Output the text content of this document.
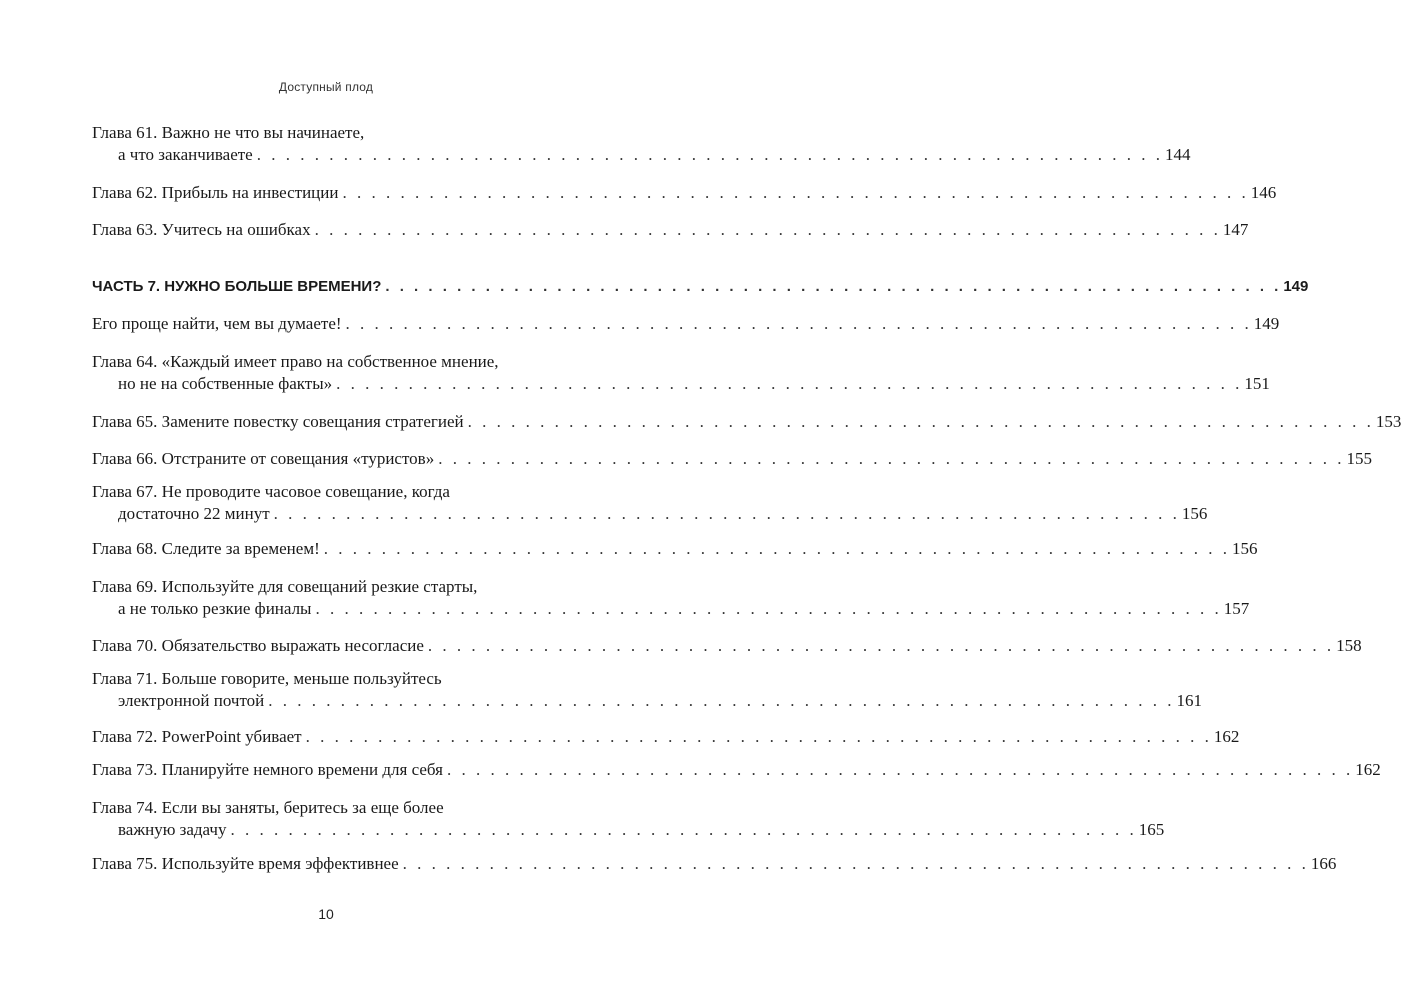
Доступный плод
Глава 61. Важно не что вы начинаете,
а что заканчиваете . . . . . . . . . . . . . . . . . . . . . . . . . . . . . . . . . . . . . . . . . . . . . . . . . . . . . . . . . . . . . . . 144
Глава 62. Прибыль на инвестиции . . . . . . . . . . . . . . . . . . . . . . . . . . . . . . . . . . . . . . . . . . . . . . . . . . . . . . . . . . . . . . . 146
Глава 63. Учитесь на ошибках . . . . . . . . . . . . . . . . . . . . . . . . . . . . . . . . . . . . . . . . . . . . . . . . . . . . . . . . . . . . . . . 147
ЧАСТЬ 7. НУЖНО БОЛЬШЕ ВРЕМЕНИ? . . . . . . . . . . . . . . . . . . . . . . . . . . . . . . . . . . . . . . . . . . . . . . . . . . . . . . . . . . . . . . . 149
Его проще найти, чем вы думаете! . . . . . . . . . . . . . . . . . . . . . . . . . . . . . . . . . . . . . . . . . . . . . . . . . . . . . . . . . . . . . . . 149
Глава 64. «Каждый имеет право на собственное мнение,
но не на собственные факты» . . . . . . . . . . . . . . . . . . . . . . . . . . . . . . . . . . . . . . . . . . . . . . . . . . . . . . . . . . . . . . . 151
Глава 65. Замените повестку совещания стратегией . . . . . . . . . . . . . . . . . . . . . . . . . . . . . . . . . . . . . . . . . . . . . . . . . . . . . . . . . . . . . . . 153
Глава 66. Отстраните от совещания «туристов» . . . . . . . . . . . . . . . . . . . . . . . . . . . . . . . . . . . . . . . . . . . . . . . . . . . . . . . . . . . . . . . 155
Глава 67. Не проводите часовое совещание, когда
достаточно 22 минут . . . . . . . . . . . . . . . . . . . . . . . . . . . . . . . . . . . . . . . . . . . . . . . . . . . . . . . . . . . . . . . 156
Глава 68. Следите за временем! . . . . . . . . . . . . . . . . . . . . . . . . . . . . . . . . . . . . . . . . . . . . . . . . . . . . . . . . . . . . . . . 156
Глава 69. Используйте для совещаний резкие старты,
а не только резкие финалы . . . . . . . . . . . . . . . . . . . . . . . . . . . . . . . . . . . . . . . . . . . . . . . . . . . . . . . . . . . . . . . 157
Глава 70. Обязательство выражать несогласие . . . . . . . . . . . . . . . . . . . . . . . . . . . . . . . . . . . . . . . . . . . . . . . . . . . . . . . . . . . . . . . 158
Глава 71. Больше говорите, меньше пользуйтесь
электронной почтой . . . . . . . . . . . . . . . . . . . . . . . . . . . . . . . . . . . . . . . . . . . . . . . . . . . . . . . . . . . . . . . 161
Глава 72. PowerPoint убивает . . . . . . . . . . . . . . . . . . . . . . . . . . . . . . . . . . . . . . . . . . . . . . . . . . . . . . . . . . . . . . . 162
Глава 73. Планируйте немного времени для себя . . . . . . . . . . . . . . . . . . . . . . . . . . . . . . . . . . . . . . . . . . . . . . . . . . . . . . . . . . . . . . . 162
Глава 74. Если вы заняты, беритесь за еще более
важную задачу . . . . . . . . . . . . . . . . . . . . . . . . . . . . . . . . . . . . . . . . . . . . . . . . . . . . . . . . . . . . . . . 165
Глава 75. Используйте время эффективнее . . . . . . . . . . . . . . . . . . . . . . . . . . . . . . . . . . . . . . . . . . . . . . . . . . . . . . . . . . . . . . . 166
10
